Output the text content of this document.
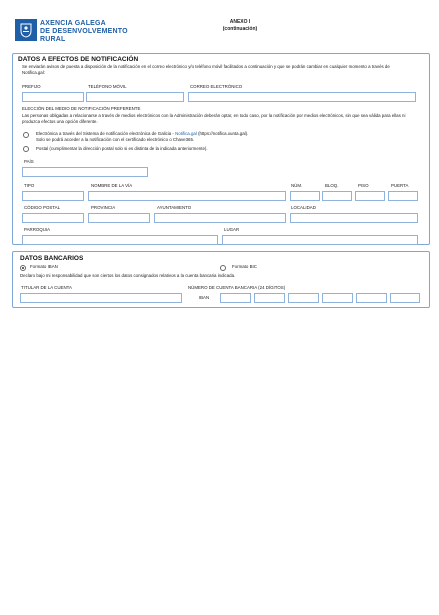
AXENCIA GALEGA
DE DESENVOLVEMENTO
RURAL
ANEXO I
(continuación)
DATOS A EFECTOS DE NOTIFICACIÓN
Se enviarán avisos de puesta a disposición de la notificación en el correo electrónico y/o teléfono móvil facilitados a continuación y que se podrán cambiar en cualquier momento a través de Notifica.gal:
PREFIJO	TELÉFONO MÓVIL	CORREO ELECTRÓNICO
ELECCIÓN DEL MEDIO DE NOTIFICACIÓN PREFERENTE
Las personas obligadas a relacionarse a través de medios electrónicos con la Administración deberán optar, en todo caso, por la notificación por medios electrónicos, sin que sea válida para ellas ni produzca efectos una opción diferente.
Electrónica a través del Sistema de notificación electrónica de Galicia - Notifica.gal (https://notifica.xunta.gal).
Solo se podrá acceder a la notificación con el certificado electrónico o Chave365.
Postal (cumplimentar la dirección postal solo si es distinta de la indicada anteriormente).
PAÍS
TIPO	NOMBRE DE LA VÍA	NÚM.	BLOQ.	PISO	PUERTA
CÓDIGO POSTAL	PROVINCIA	AYUNTAMIENTO	LOCALIDAD
PARROQUIA	LUGAR
DATOS BANCARIOS
Formato IBAN	Formato BIC
Declaro bajo mi responsabilidad que son ciertos los datos consignados relativos a la cuenta bancaria indicada.
TITULAR DE LA CUENTA	NÚMERO DE CUENTA BANCARIA (24 DÍGITOS)
IBAN
